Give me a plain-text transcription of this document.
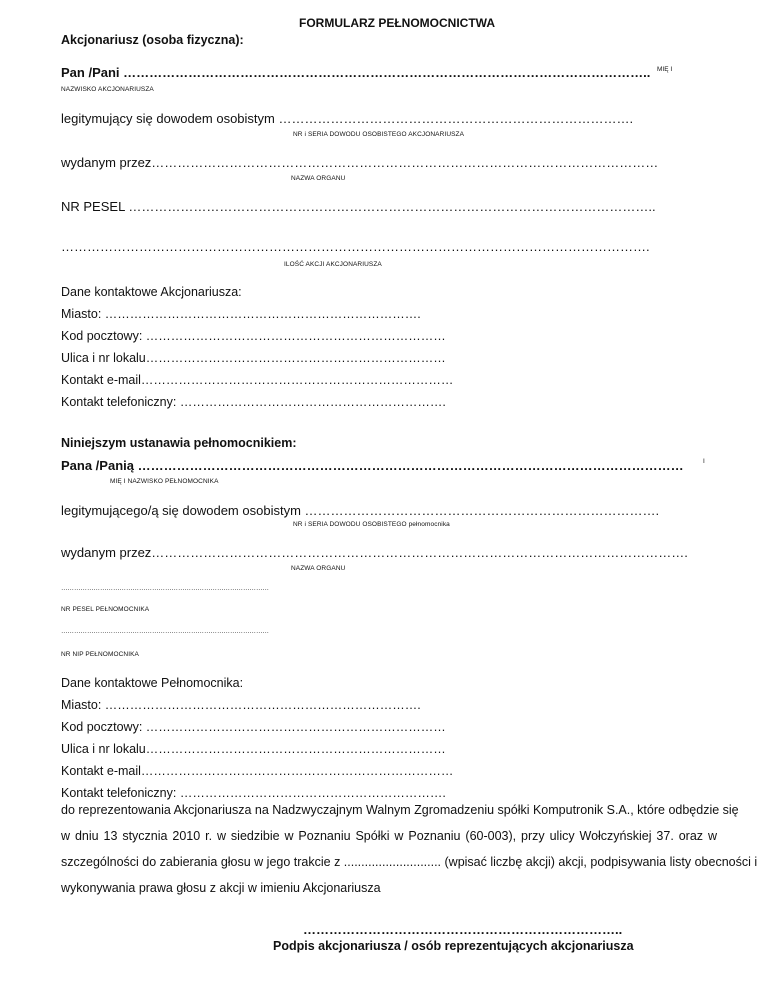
FORMULARZ PEŁNOMOCNICTWA
Akcjonariusz (osoba fizyczna):
Pan /Pani ………………………………………………………………………………………………………….. MIĘ I
NAZWISKO AKCJONARIUSZA
legitymujący się dowodem osobistym ……………………………………………………………………….
NR i SERIA DOWODU OSOBISTEGO AKCJONARIUSZA
wydanym przez………………………………………………………………………………………………………
NAZWA ORGANU
NR PESEL …………………………………………………………………………………………………………..
……………………………………………………………………………………………………………………….
ILOŚĆ AKCJI AKCJONARIUSZA
Dane kontaktowe Akcjonariusza:
Miasto: ………………………………………………………………….
Kod pocztowy: ………………………………………………………………
Ulica i nr lokalu………………………………………………………………
Kontakt e-mail…………………………………………………………………
Kontakt telefoniczny: ……………………………………………………….
Niniejszym ustanawia pełnomocnikiem:
Pana /Panią ………………………………………………………………………………………………………………	I
MIĘ I NAZWISKO PEŁNOMOCNIKA
legitymującego/ą się dowodem osobistym ……………………………………………………………………….
NR i SERIA DOWODU OSOBISTEGO pełnomocnika
wydanym przez…………………………………………………………………………………………………………….
NAZWA ORGANU
……………………………………………………………………………………
NR PESEL PEŁNOMOCNIKA
……………………………………………………………………………………
NR NIP PEŁNOMOCNIKA
Dane kontaktowe Pełnomocnika:
Miasto: ………………………………………………………………….
Kod pocztowy: ………………………………………………………………
Ulica i nr lokalu………………………………………………………………
Kontakt e-mail…………………………………………………………………
Kontakt telefoniczny: ……………………………………………………….
do reprezentowania Akcjonariusza na Nadzwyczajnym Walnym Zgromadzeniu spółki Komputronik S.A., które odbędzie się
w dniu 13 stycznia 2010 r. w siedzibie w Poznaniu Spółki w Poznaniu (60-003), przy ulicy Wołczyńskiej 37. oraz w
szczególności do zabierania głosu w jego trakcie z ............................ (wpisać liczbę akcji) akcji, podpisywania listy obecności i
wykonywania prawa głosu z akcji w imieniu Akcjonariusza
………………………………………………………………..
Podpis akcjonariusza / osób reprezentujących akcjonariusza
